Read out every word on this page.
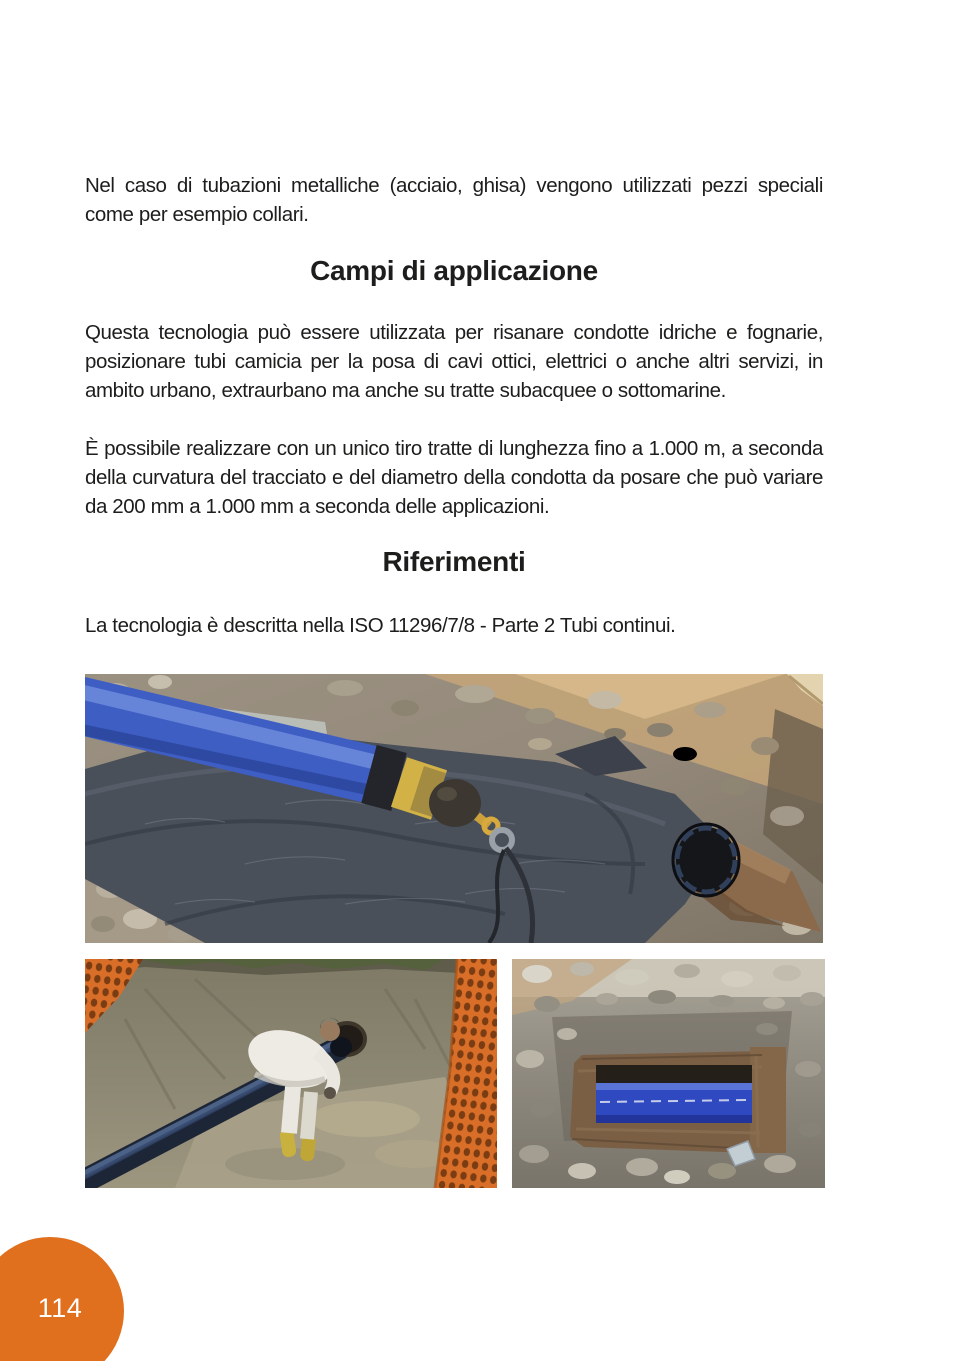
Nel caso di tubazioni metalliche (acciaio, ghisa) vengono utilizzati pezzi speciali come per esempio collari.

Campi di applicazione

Questa tecnologia può essere utilizzata per risanare condotte idriche e fognarie, posizionare tubi camicia per la posa di cavi ottici, elettrici o anche altri servizi, in ambito urbano, extraurbano ma anche su tratte subacquee o sottomarine.

È possibile realizzare con un unico tiro tratte di lunghezza fino a 1.000 m, a seconda della curvatura del tracciato e del diametro della condotta da posare che può variare da 200 mm a 1.000 mm a seconda delle applicazioni.

Riferimenti

La tecnologia è descritta nella ISO 11296/7/8 - Parte 2 Tubi continui.

114
